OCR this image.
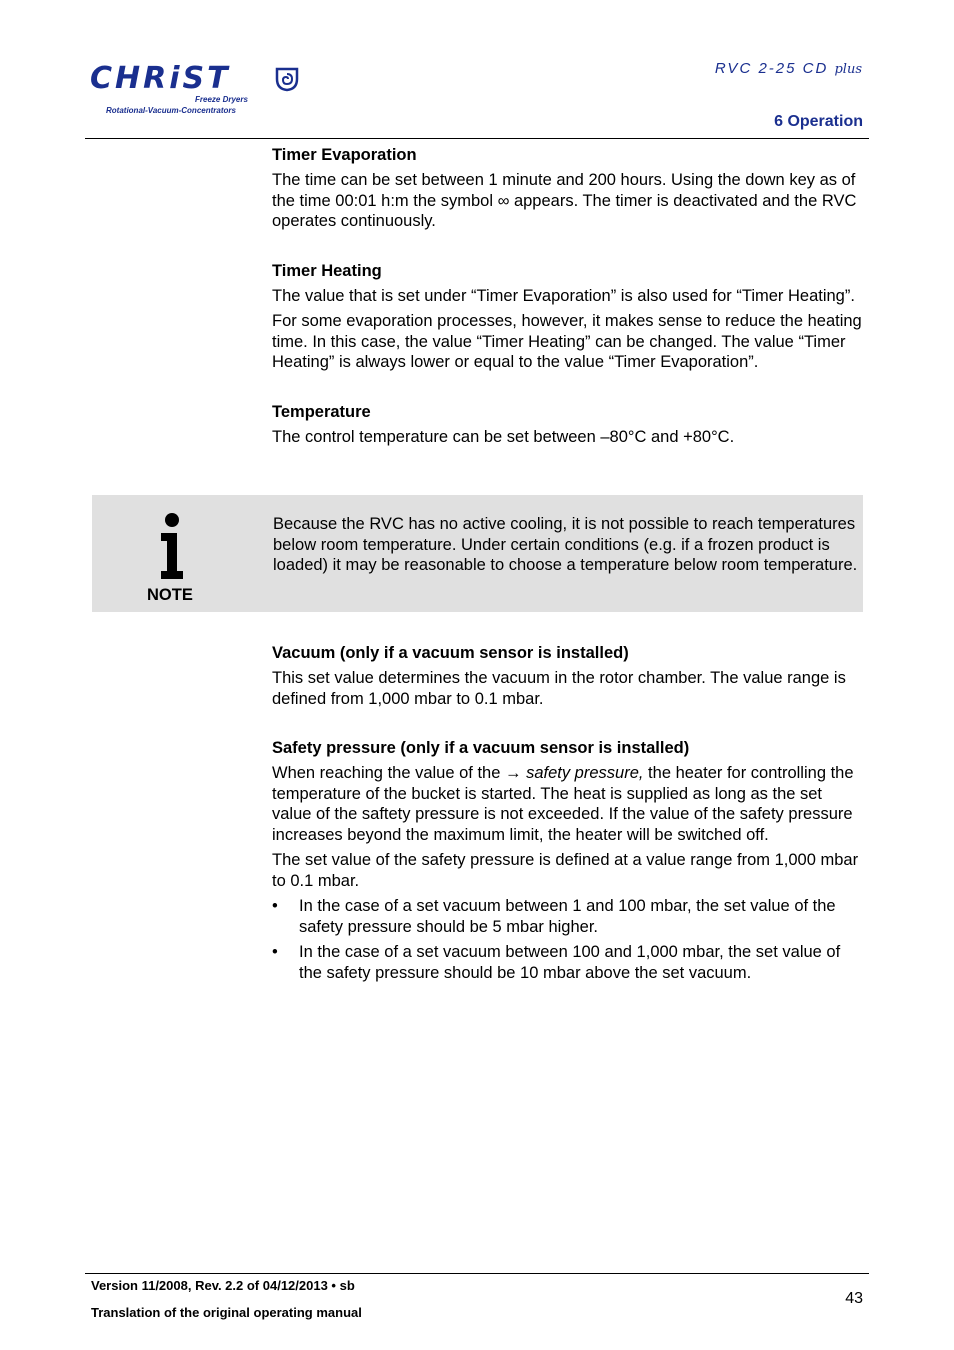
CHRiST
Freeze Dryers
Rotational-Vacuum-Concentrators
RVC 2-25 CD plus
6 Operation
Timer Evaporation

The time can be set between 1 minute and 200 hours. Using the down key as of the time 00:01 h:m the symbol ∞ appears. The timer is deactivated and the RVC operates continuously.

Timer Heating

The value that is set under “Timer Evaporation” is also used for “Timer Heating”.

For some evaporation processes, however, it makes sense to reduce the heating time. In this case, the value “Timer Heating” can be changed. The value “Timer Heating” is always lower or equal to the value “Timer Evaporation”.

Temperature

The control temperature can be set between –80°C and +80°C.

NOTE
Because the RVC has no active cooling, it is not possible to reach temperatures below room temperature. Under certain conditions (e.g. if a frozen product is loaded) it may be reasonable to choose a temperature below room temperature.
Vacuum (only if a vacuum sensor is installed)

This set value determines the vacuum in the rotor chamber. The value range is defined from 1,000 mbar to 0.1 mbar.

Safety pressure (only if a vacuum sensor is installed)

When reaching the value of the → safety pressure, the heater for controlling the temperature of the bucket is started. The heat is supplied as long as the set value of the saftety pressure is not exceeded. If the value of the safety pressure increases beyond the maximum limit, the heater will be switched off.

The set value of the safety pressure is defined at a value range from 1,000 mbar to 0.1 mbar.

• In the case of a set vacuum between 1 and 100 mbar, the set value of the safety pressure should be 5 mbar higher.
• In the case of a set vacuum between 100 and 1,000 mbar, the set value of the safety pressure should be 10 mbar above the set vacuum.
Version 11/2008, Rev. 2.2 of 04/12/2013 • sb
Translation of the original operating manual
43
